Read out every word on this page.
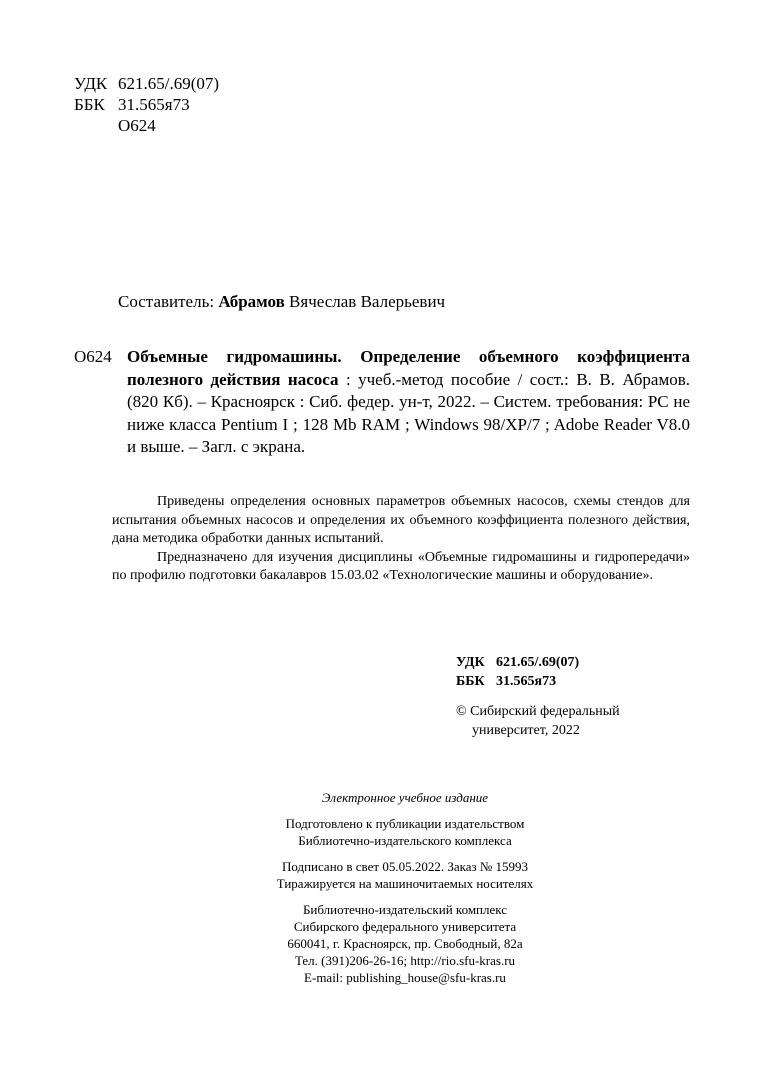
УДК 621.65/.69(07)
ББК 31.565я73
О624
Составитель: Абрамов Вячеслав Валерьевич
О624 Объемные гидромашины. Определение объемного коэффициента полезного действия насоса : учеб.-метод пособие / сост.: В. В. Абрамов. (820 Кб). – Красноярск : Сиб. федер. ун-т, 2022. – Систем. требования: PC не ниже класса Pentium I ; 128 Mb RAM ; Windows 98/XP/7 ; Adobe Reader V8.0 и выше. – Загл. с экрана.

Приведены определения основных параметров объемных насосов, схемы стендов для испытания объемных насосов и определения их объемного коэффициента полезного действия, дана методика обработки данных испытаний.

Предназначено для изучения дисциплины «Объемные гидромашины и гидропередачи» по профилю подготовки бакалавров 15.03.02 «Технологические машины и оборудование».

УДК 621.65/.69(07)
ББК 31.565я73
© Сибирский федеральный
университет, 2022
Электронное учебное издание
Подготовлено к публикации издательством
Библиотечно-издательского комплекса
Подписано в свет 05.05.2022. Заказ № 15993
Тиражируется на машиночитаемых носителях
Библиотечно-издательский комплекс
Сибирского федерального университета
660041, г. Красноярск, пр. Свободный, 82а
Тел. (391)206-26-16; http://rio.sfu-kras.ru
E-mail: publishing_house@sfu-kras.ru
